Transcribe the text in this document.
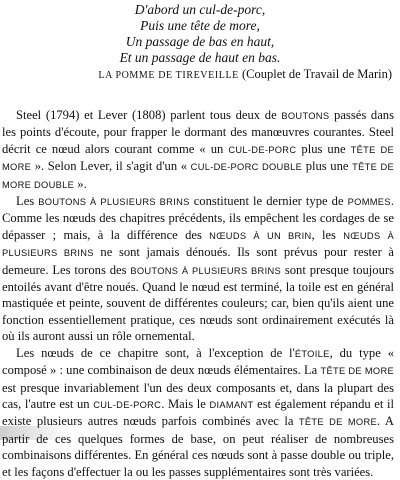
D'abord un cul-de-porc,
Puis une tête de more,
Un passage de bas en haut,
Et un passage de haut en bas.
LA POMME DE TIREVEILLE (Couplet de Travail de Marin)

Steel (1794) et Lever (1808) parlent tous deux de BOUTONS passés dans les points d'écoute, pour frapper le dormant des manœuvres courantes. Steel décrit ce nœud alors courant comme « un CUL-DE-PORC plus une TÊTE DE MORE ». Selon Lever, il s'agit d'un « CUL-DE-PORC DOUBLE plus une TÊTE DE MORE DOUBLE ».

Les BOUTONS À PLUSIEURS BRINS constituent le dernier type de POMMES. Comme les nœuds des chapitres précédents, ils empêchent les cordages de se dépasser ; mais, à la différence des NŒUDS À UN BRIN, les NŒUDS À PLUSIEURS BRINS ne sont jamais dénoués. Ils sont prévus pour rester à demeure. Les torons des BOUTONS À PLUSIEURS BRINS sont presque toujours entoilés avant d'être noués. Quand le nœud est terminé, la toile est en général mastiquée et peinte, souvent de différentes couleurs; car, bien qu'ils aient une fonction essentiellement pratique, ces nœuds sont ordinairement exécutés là où ils auront aussi un rôle ornemental.

Les nœuds de ce chapitre sont, à l'exception de l'ÉTOILE, du type « composé » : une combinaison de deux nœuds élémentaires. La TÊTE DE MORE est presque invariablement l'un des deux composants et, dans la plupart des cas, l'autre est un CUL-DE-PORC. Mais le DIAMANT est également répandu et il existe plusieurs autres nœuds parfois combinés avec la TÊTE DE MORE. A partir de ces quelques formes de base, on peut réaliser de nombreuses combinaisons différentes. En général ces nœuds sont à passe double ou triple, et les façons d'effectuer la ou les passes supplémentaires sont très variées.
